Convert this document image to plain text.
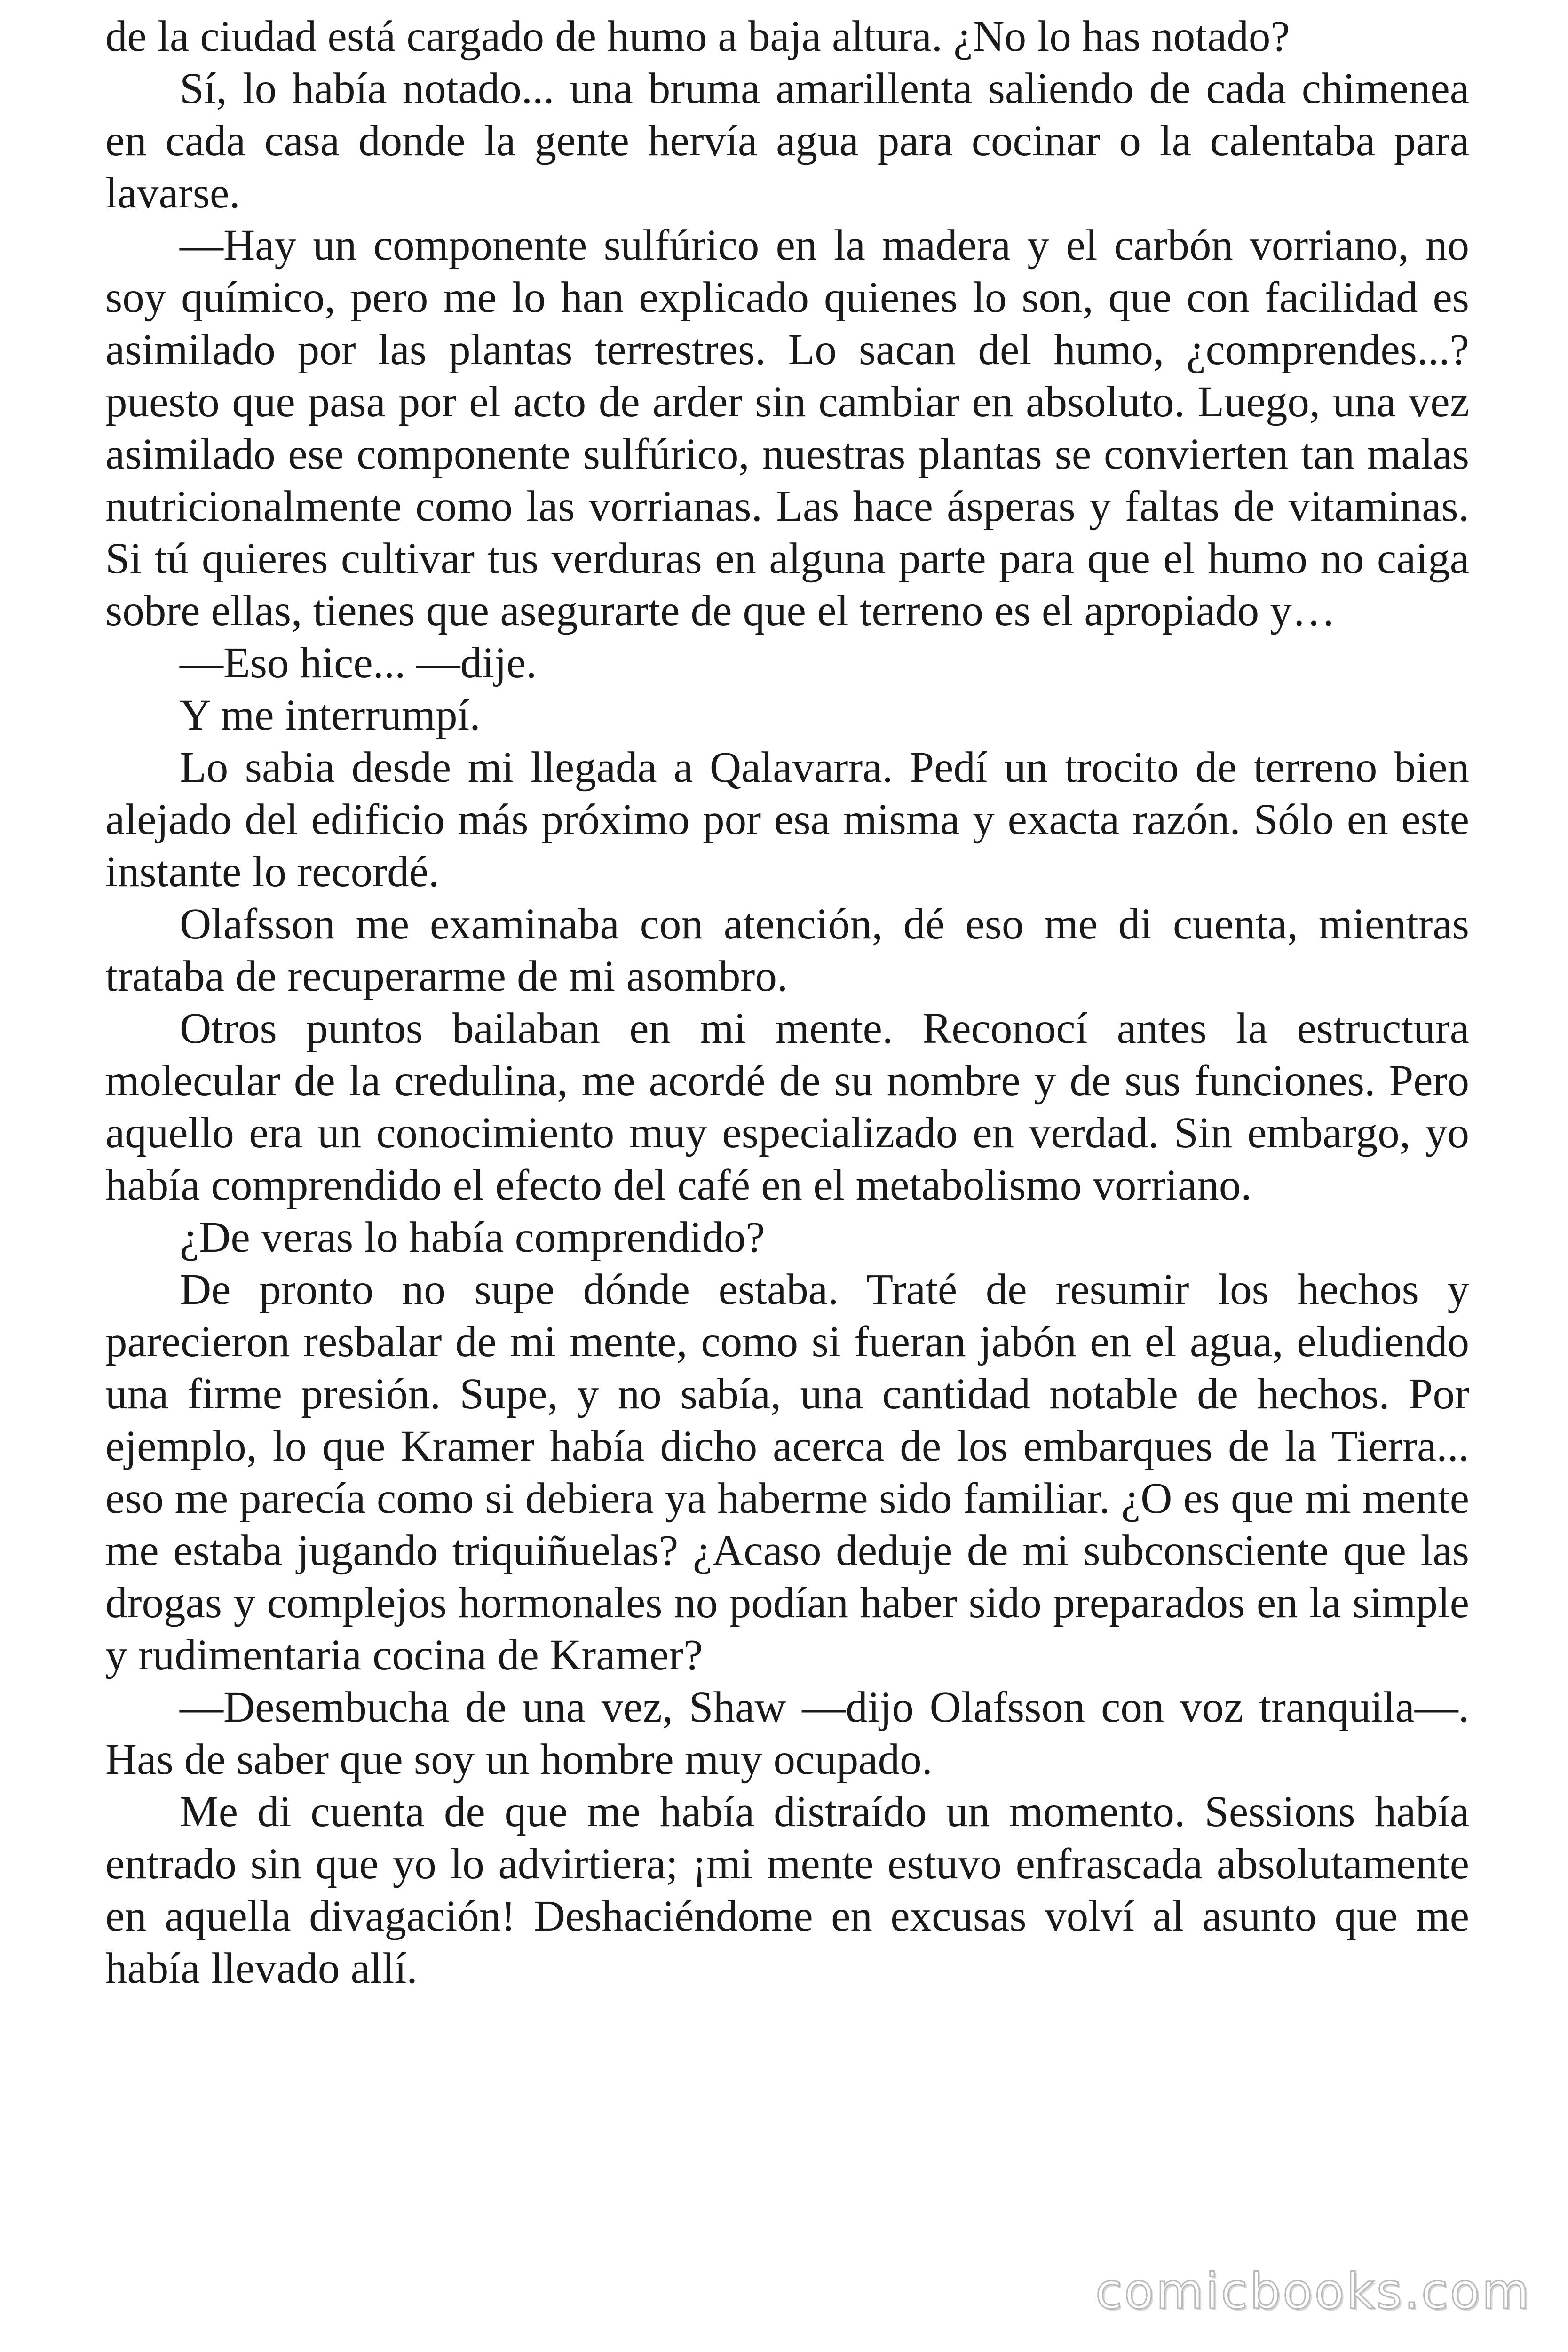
de la ciudad está cargado de humo a baja altura. ¿No lo has notado?

Sí, lo había notado... una bruma amarillenta saliendo de cada chimenea en cada casa donde la gente hervía agua para cocinar o la calentaba para lavarse.

—Hay un componente sulfúrico en la madera y el carbón vorriano, no soy químico, pero me lo han explicado quienes lo son, que con facilidad es asimilado por las plantas terrestres. Lo sacan del humo, ¿comprendes...? puesto que pasa por el acto de arder sin cambiar en absoluto. Luego, una vez asimilado ese componente sulfúrico, nuestras plantas se convierten tan malas nutricionalmente como las vorrianas. Las hace ásperas y faltas de vitaminas. Si tú quieres cultivar tus verduras en alguna parte para que el humo no caiga sobre ellas, tienes que asegurarte de que el terreno es el apropiado y…

—Eso hice... —dije.

Y me interrumpí.

Lo sabia desde mi llegada a Qalavarra. Pedí un trocito de terreno bien alejado del edificio más próximo por esa misma y exacta razón. Sólo en este instante lo recordé.

Olafsson me examinaba con atención, dé eso me di cuenta, mientras trataba de recuperarme de mi asombro.

Otros puntos bailaban en mi mente. Reconocí antes la estructura molecular de la credulina, me acordé de su nombre y de sus funciones. Pero aquello era un conocimiento muy especializado en verdad. Sin embargo, yo había comprendido el efecto del café en el metabolismo vorriano.

¿De veras lo había comprendido?

De pronto no supe dónde estaba. Traté de resumir los hechos y parecieron resbalar de mi mente, como si fueran jabón en el agua, eludiendo una firme presión. Supe, y no sabía, una cantidad notable de hechos. Por ejemplo, lo que Kramer había dicho acerca de los embarques de la Tierra... eso me parecía como si debiera ya haberme sido familiar. ¿O es que mi mente me estaba jugando triquiñuelas? ¿Acaso deduje de mi subconsciente que las drogas y complejos hormonales no podían haber sido preparados en la simple y rudimentaria cocina de Kramer?

—Desembucha de una vez, Shaw —dijo Olafsson con voz tranquila—. Has de saber que soy un hombre muy ocupado.

Me di cuenta de que me había distraído un momento. Sessions había entrado sin que yo lo advirtiera; ¡mi mente estuvo enfrascada absolutamente en aquella divagación! Deshaciéndome en excusas volví al asunto que me había llevado allí.

comicbooks.com
